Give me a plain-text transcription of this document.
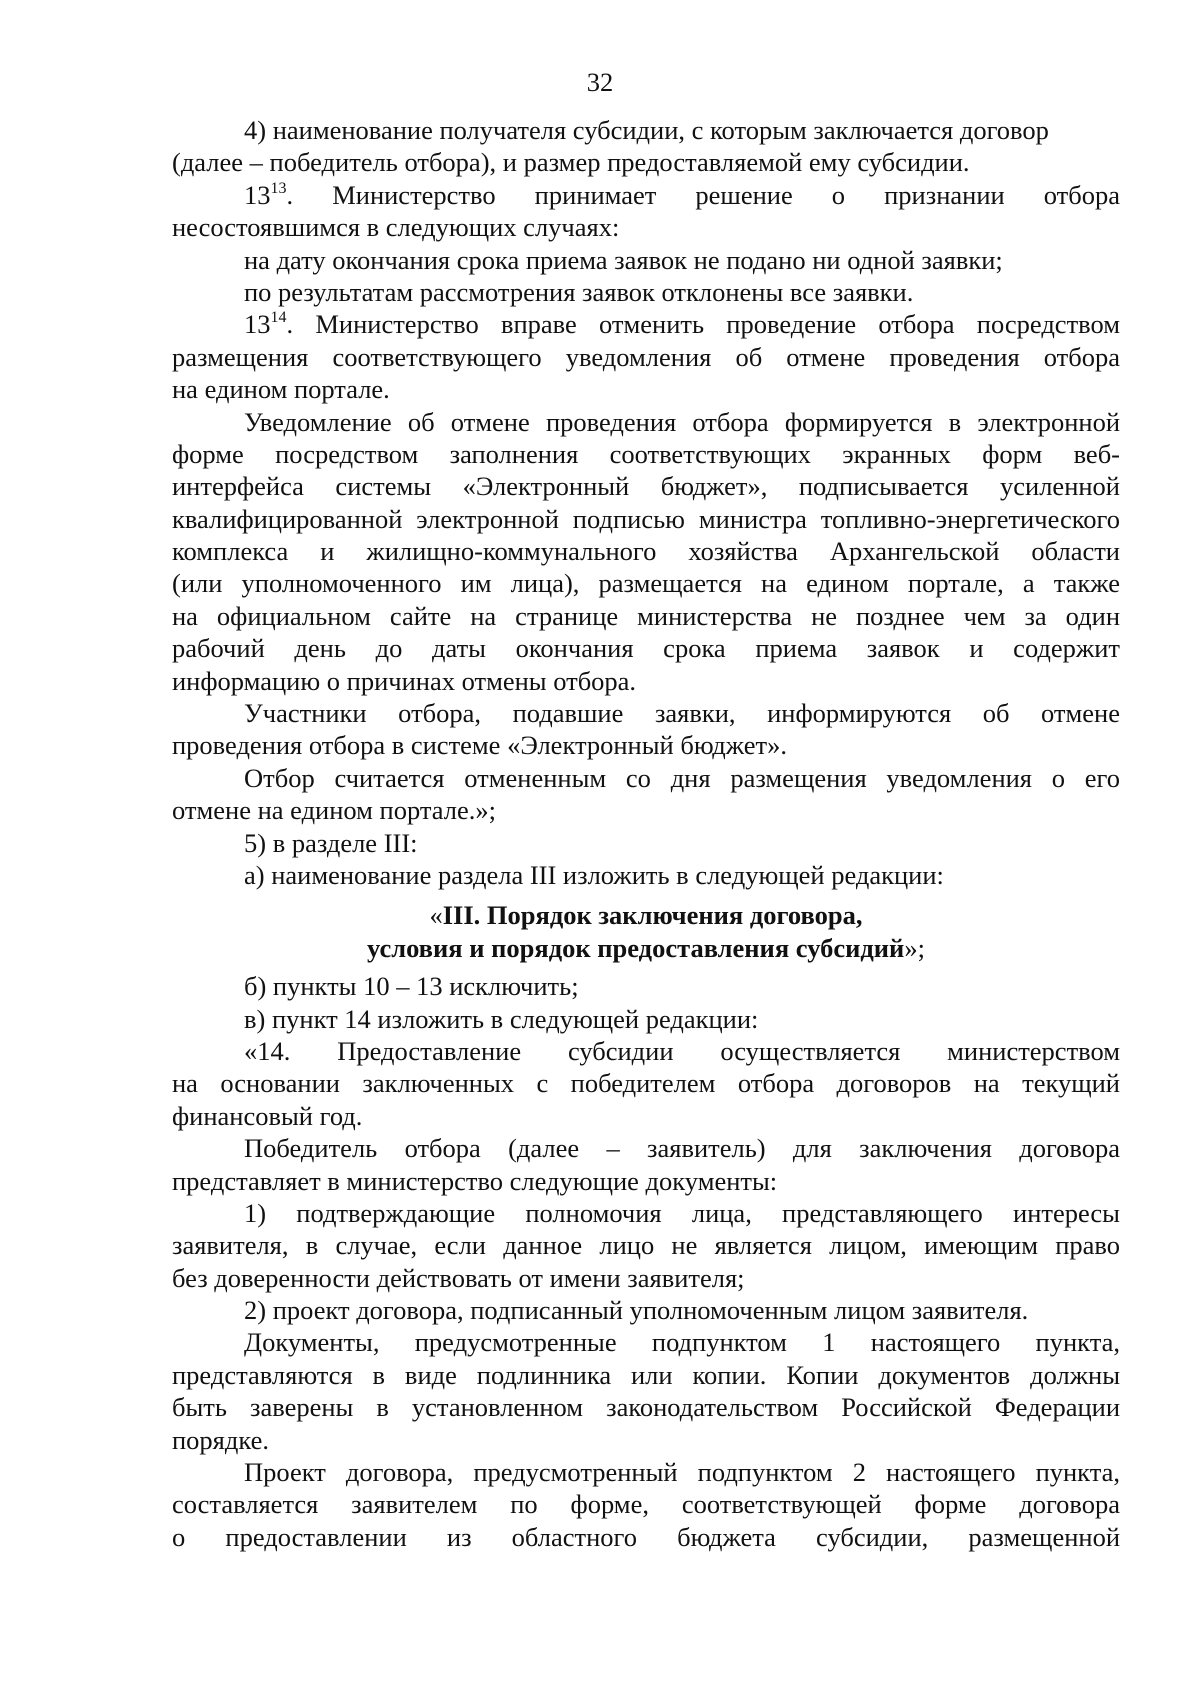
32
4) наименование получателя субсидии, с которым заключается договор
(далее – победитель отбора), и размер предоставляемой ему субсидии.
$13^{13}$. Министерство принимает решение о признании отбора
несостоявшимся в следующих случаях:
на дату окончания срока приема заявок не подано ни одной заявки;
по результатам рассмотрения заявок отклонены все заявки.
$13^{14}$. Министерство вправе отменить проведение отбора посредством
размещения соответствующего уведомления об отмене проведения отбора
на едином портале.
Уведомление об отмене проведения отбора формируется в электронной
форме посредством заполнения соответствующих экранных форм веб-
интерфейса системы «Электронный бюджет», подписывается усиленной
квалифицированной электронной подписью министра топливно-энергетического
комплекса и жилищно-коммунального хозяйства Архангельской области
(или уполномоченного им лица), размещается на едином портале, а также
на официальном сайте на странице министерства не позднее чем за один
рабочий день до даты окончания срока приема заявок и содержит
информацию о причинах отмены отбора.
Участники отбора, подавшие заявки, информируются об отмене
проведения отбора в системе «Электронный бюджет».
Отбор считается отмененным со дня размещения уведомления о его
отмене на едином портале.»;
5) в разделе III:
а) наименование раздела III изложить в следующей редакции:
«III. Порядок заключения договора,
условия и порядок предоставления субсидий»;
б) пункты 10 – 13 исключить;
в) пункт 14 изложить в следующей редакции:
«14. Предоставление субсидии осуществляется министерством
на основании заключенных с победителем отбора договоров на текущий
финансовый год.
Победитель отбора (далее – заявитель) для заключения договора
представляет в министерство следующие документы:
1) подтверждающие полномочия лица, представляющего интересы
заявителя, в случае, если данное лицо не является лицом, имеющим право
без доверенности действовать от имени заявителя;
2) проект договора, подписанный уполномоченным лицом заявителя.
Документы, предусмотренные подпунктом 1 настоящего пункта,
представляются в виде подлинника или копии. Копии документов должны
быть заверены в установленном законодательством Российской Федерации
порядке.
Проект договора, предусмотренный подпунктом 2 настоящего пункта,
составляется заявителем по форме, соответствующей форме договора
о предоставлении из областного бюджета субсидии, размещенной
